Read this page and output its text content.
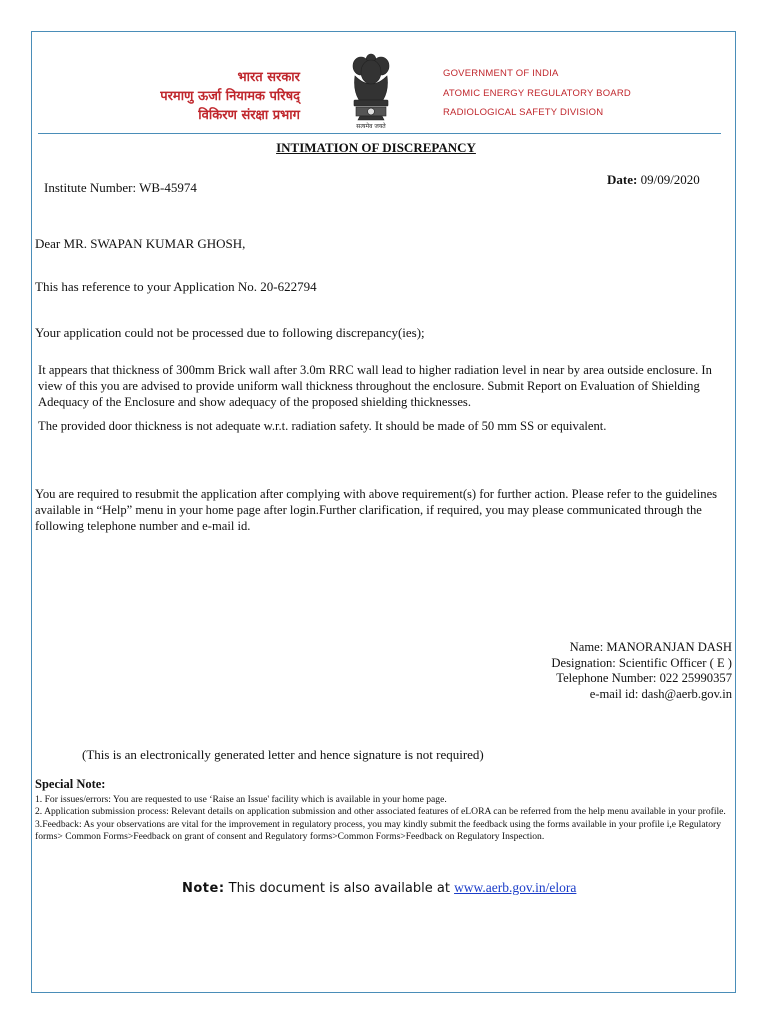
भारत सरकार
परमाणु ऊर्जा नियामक परिषद्
विकिरण संरक्षा प्रभाग
सत्यमेव जयते
GOVERNMENT OF INDIA
ATOMIC ENERGY REGULATORY BOARD
RADIOLOGICAL SAFETY DIVISION
INTIMATION OF DISCREPANCY
Institute Number: WB-45974
Date: 09/09/2020
Dear MR. SWAPAN KUMAR GHOSH,
This has reference to your Application No. 20-622794
Your application could not be processed due to following discrepancy(ies);
It appears that thickness of 300mm Brick wall after 3.0m RRC wall lead to higher radiation level in near by area outside enclosure. In view of this you are advised to provide uniform wall thickness throughout the enclosure. Submit Report on Evaluation of Shielding Adequacy of the Enclosure and show adequacy of the proposed shielding thicknesses.
The provided door thickness is not adequate w.r.t. radiation safety. It should be made of 50 mm SS or equivalent.
You are required to resubmit the application after complying with above requirement(s) for further action. Please refer to the guidelines available in “Help” menu in your home page after login.Further clarification, if required, you may please communicated through the following telephone number and e-mail id.
Name: MANORANJAN DASH
Designation: Scientific Officer ( E )
Telephone Number: 022 25990357
e-mail id: dash@aerb.gov.in
(This is an electronically generated letter and hence signature is not required)
Special Note:
1. For issues/errors: You are requested to use ‘Raise an Issue' facility which is available in your home page.
2. Application submission process: Relevant details on application submission and other associated features of eLORA can be referred from the help menu available in your profile.
3.Feedback: As your observations are vital for the improvement in regulatory process, you may kindly submit the feedback using the forms available in your profile i,e Regulatory forms> Common Forms>Feedback on grant of consent and Regulatory forms>Common Forms>Feedback on Regulatory Inspection.
Note: This document is also available at www.aerb.gov.in/elora
